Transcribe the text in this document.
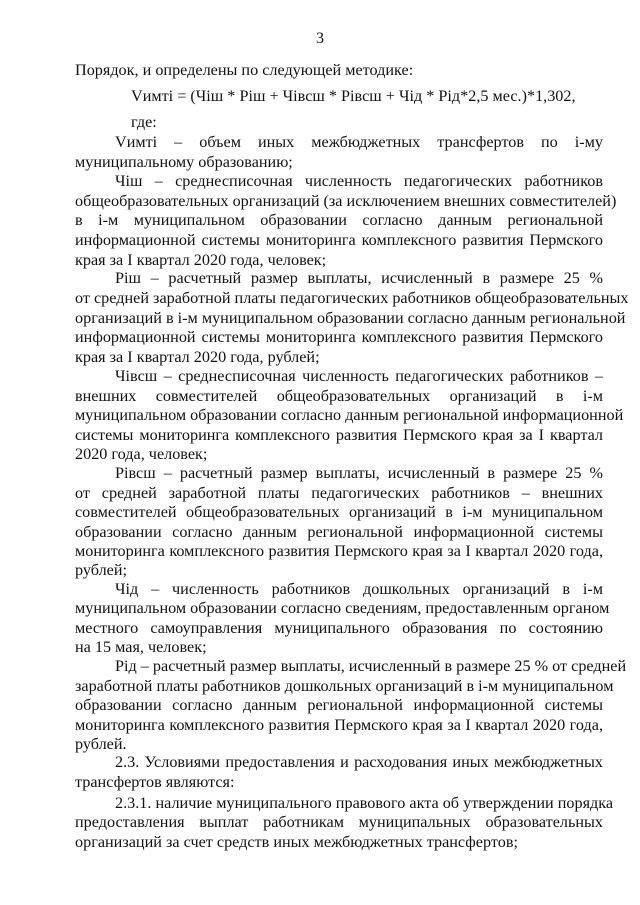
3
Порядок, и определены по следующей методике:
Vимтi = (Чiш * Рiш + Чiвсш * Рiвсш + Чiд * Рiд*2,5 мес.)*1,302,
где:
Vимтi – объем иных межбюджетных трансфертов по i-му
муниципальному образованию;
Чiш – среднесписочная численность педагогических работников
общеобразовательных организаций (за исключением внешних совместителей)
в i-м муниципальном образовании согласно данным региональной
информационной системы мониторинга комплексного развития Пермского
края за I квартал 2020 года, человек;
Рiш – расчетный размер выплаты, исчисленный в размере 25 %
от средней заработной платы педагогических работников общеобразовательных
организаций в i-м муниципальном образовании согласно данным региональной
информационной системы мониторинга комплексного развития Пермского
края за I квартал 2020 года, рублей;
Чiвсш – среднесписочная численность педагогических работников –
внешних совместителей общеобразовательных организаций в i-м
муниципальном образовании согласно данным региональной информационной
системы мониторинга комплексного развития Пермского края за I квартал
2020 года, человек;
Рiвсш – расчетный размер выплаты, исчисленный в размере 25 %
от средней заработной платы педагогических работников – внешних
совместителей общеобразовательных организаций в i-м муниципальном
образовании согласно данным региональной информационной системы
мониторинга комплексного развития Пермского края за I квартал 2020 года,
рублей;
Чiд – численность работников дошкольных организаций в i-м
муниципальном образовании согласно сведениям, предоставленным органом
местного самоуправления муниципального образования по состоянию
на 15 мая, человек;
Рiд – расчетный размер выплаты, исчисленный в размере 25 % от средней
заработной платы работников дошкольных организаций в i-м муниципальном
образовании согласно данным региональной информационной системы
мониторинга комплексного развития Пермского края за I квартал 2020 года,
рублей.
2.3. Условиями предоставления и расходования иных межбюджетных
трансфертов являются:
2.3.1. наличие муниципального правового акта об утверждении порядка
предоставления выплат работникам муниципальных образовательных
организаций за счет средств иных межбюджетных трансфертов;
